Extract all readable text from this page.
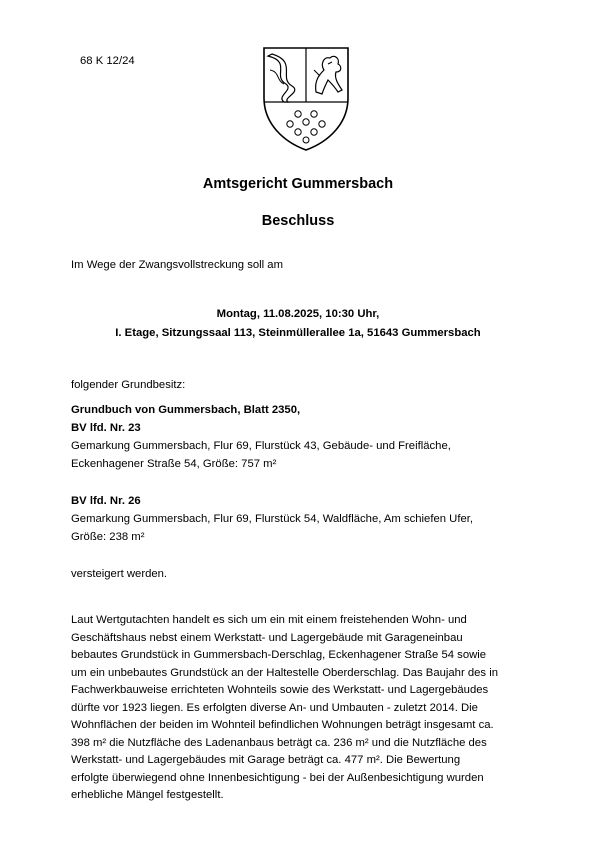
68 K 12/24
Amtsgericht Gummersbach
Beschluss
Im Wege der Zwangsvollstreckung soll am
Montag, 11.08.2025, 10:30 Uhr,
I. Etage, Sitzungssaal 113, Steinmüllerallee 1a, 51643 Gummersbach
folgender Grundbesitz:
Grundbuch von Gummersbach, Blatt 2350,
BV lfd. Nr. 23
Gemarkung Gummersbach, Flur 69, Flurstück 43, Gebäude- und Freifläche,
Eckenhagener Straße 54, Größe: 757 m²
BV lfd. Nr. 26
Gemarkung Gummersbach, Flur 69, Flurstück 54, Waldfläche, Am schiefen Ufer,
Größe: 238 m²
versteigert werden.
Laut Wertgutachten handelt es sich um ein mit einem freistehenden Wohn- und
Geschäftshaus nebst einem Werkstatt- und Lagergebäude mit Garageneinbau
bebautes Grundstück in Gummersbach-Derschlag, Eckenhagener Straße 54 sowie
um ein unbebautes Grundstück an der Haltestelle Oberderschlag. Das Baujahr des in
Fachwerkbauweise errichteten Wohnteils sowie des Werkstatt- und Lagergebäudes
dürfte vor 1923 liegen. Es erfolgten diverse An- und Umbauten - zuletzt 2014. Die
Wohnflächen der beiden im Wohnteil befindlichen Wohnungen beträgt insgesamt ca.
398 m² die Nutzfläche des Ladenanbaus beträgt ca. 236 m² und die Nutzfläche des
Werkstatt- und Lagergebäudes mit Garage beträgt ca. 477 m². Die Bewertung
erfolgte überwiegend ohne Innenbesichtigung - bei der Außenbesichtigung wurden
erhebliche Mängel festgestellt.
